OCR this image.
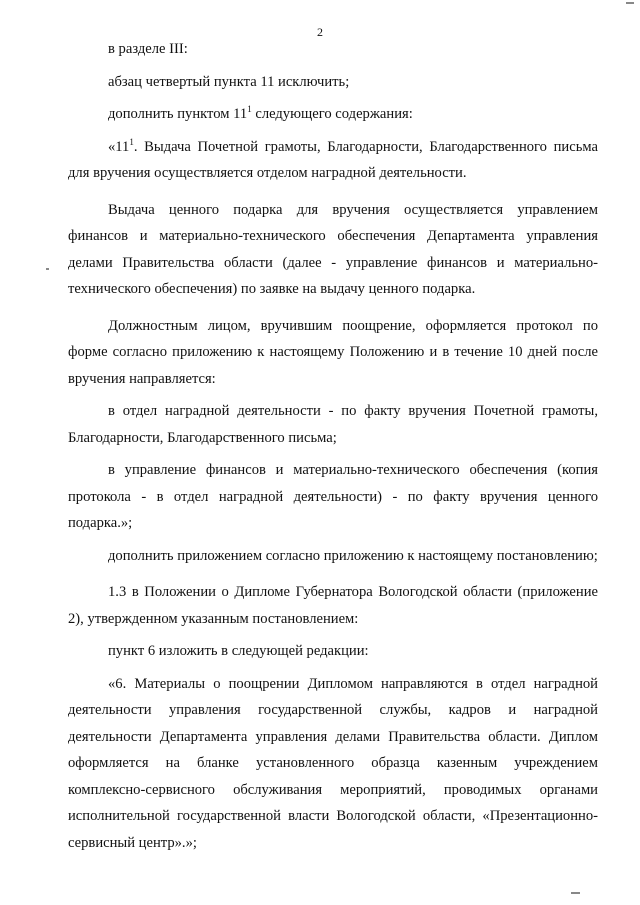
2

в разделе III:

абзац четвертый пункта 11 исключить;

дополнить пунктом $11^1$ следующего содержания:

«$11^1$. Выдача Почетной грамоты, Благодарности, Благодарственного письма для вручения осуществляется отделом наградной деятельности.

Выдача ценного подарка для вручения осуществляется управлением финансов и материально-технического обеспечения Департамента управления делами Правительства области (далее - управление финансов и материально-технического обеспечения) по заявке на выдачу ценного подарка.

Должностным лицом, вручившим поощрение, оформляется протокол по форме согласно приложению к настоящему Положению и в течение 10 дней после вручения направляется:

в отдел наградной деятельности - по факту вручения Почетной грамоты, Благодарности, Благодарственного письма;

в управление финансов и материально-технического обеспечения (копия протокола - в отдел наградной деятельности) - по факту вручения ценного подарка.»;

дополнить приложением согласно приложению к настоящему постановлению;

1.3 в Положении о Дипломе Губернатора Вологодской области (приложение 2), утвержденном указанным постановлением:

пункт 6 изложить в следующей редакции:

«6. Материалы о поощрении Дипломом направляются в отдел наградной деятельности управления государственной службы, кадров и наградной деятельности Департамента управления делами Правительства области. Диплом оформляется на бланке установленного образца казенным учреждением комплексно-сервисного обслуживания мероприятий, проводимых органами исполнительной государственной власти Вологодской области, «Презентационно-сервисный центр».»;
